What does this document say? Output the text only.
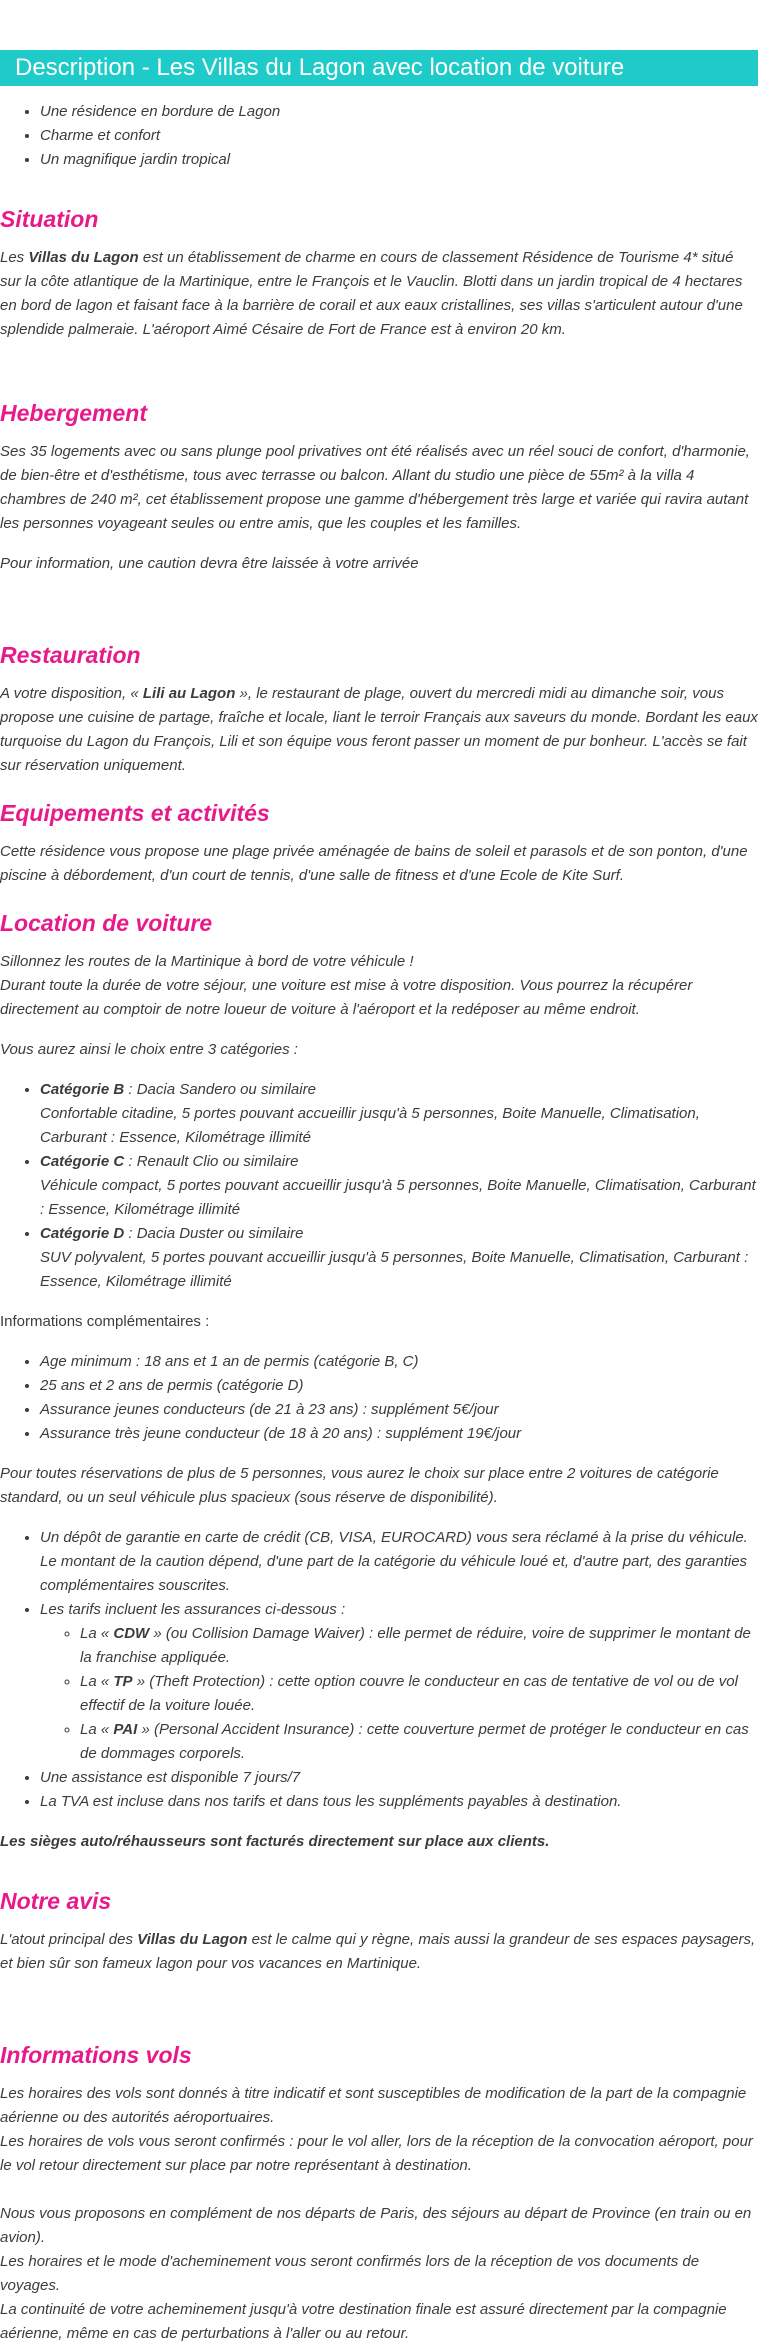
Description - Les Villas du Lagon avec location de voiture
• Une résidence en bordure de Lagon
• Charme et confort
• Un magnifique jardin tropical
Situation

Les Villas du Lagon est un établissement de charme en cours de classement Résidence de Tourisme 4* situé sur la côte atlantique de la Martinique, entre le François et le Vauclin. Blotti dans un jardin tropical de 4 hectares en bord de lagon et faisant face à la barrière de corail et aux eaux cristallines, ses villas s'articulent autour d'une splendide palmeraie. L'aéroport Aimé Césaire de Fort de France est à environ 20 km.

Hebergement

Ses 35 logements avec ou sans plunge pool privatives ont été réalisés avec un réel souci de confort, d'harmonie, de bien-être et d'esthétisme, tous avec terrasse ou balcon. Allant du studio une pièce de 55m² à la villa 4 chambres de 240 m², cet établissement propose une gamme d'hébergement très large et variée qui ravira autant les personnes voyageant seules ou entre amis, que les couples et les familles.

Pour information, une caution devra être laissée à votre arrivée

Restauration

A votre disposition, « Lili au Lagon », le restaurant de plage, ouvert du mercredi midi au dimanche soir, vous propose une cuisine de partage, fraîche et locale, liant le terroir Français aux saveurs du monde. Bordant les eaux turquoise du Lagon du François, Lili et son équipe vous feront passer un moment de pur bonheur. L'accès se fait sur réservation uniquement.

Equipements et activités

Cette résidence vous propose une plage privée aménagée de bains de soleil et parasols et de son ponton, d'une piscine à débordement, d'un court de tennis, d'une salle de fitness et d'une Ecole de Kite Surf.

Location de voiture

Sillonnez les routes de la Martinique à bord de votre véhicule !
Durant toute la durée de votre séjour, une voiture est mise à votre disposition. Vous pourrez la récupérer directement au comptoir de notre loueur de voiture à l'aéroport et la redéposer au même endroit.

Vous aurez ainsi le choix entre 3 catégories :

• Catégorie B : Dacia Sandero ou similaire
Confortable citadine, 5 portes pouvant accueillir jusqu'à 5 personnes, Boite Manuelle, Climatisation, Carburant : Essence, Kilométrage illimité
• Catégorie C : Renault Clio ou similaire
Véhicule compact, 5 portes pouvant accueillir jusqu'à 5 personnes, Boite Manuelle, Climatisation, Carburant : Essence, Kilométrage illimité
• Catégorie D : Dacia Duster ou similaire
SUV polyvalent, 5 portes pouvant accueillir jusqu'à 5 personnes, Boite Manuelle, Climatisation, Carburant : Essence, Kilométrage illimité

Informations complémentaires :

• Age minimum : 18 ans et 1 an de permis (catégorie B, C)
• 25 ans et 2 ans de permis (catégorie D)
• Assurance jeunes conducteurs (de 21 à 23 ans) : supplément 5€/jour
• Assurance très jeune conducteur (de 18 à 20 ans) : supplément 19€/jour

Pour toutes réservations de plus de 5 personnes, vous aurez le choix sur place entre 2 voitures de catégorie standard, ou un seul véhicule plus spacieux (sous réserve de disponibilité).

• Un dépôt de garantie en carte de crédit (CB, VISA, EUROCARD) vous sera réclamé à la prise du véhicule. Le montant de la caution dépend, d'une part de la catégorie du véhicule loué et, d'autre part, des garanties complémentaires souscrites.
• Les tarifs incluent les assurances ci-dessous :
◦ La « CDW » (ou Collision Damage Waiver) : elle permet de réduire, voire de supprimer le montant de la franchise appliquée.
◦ La « TP » (Theft Protection) : cette option couvre le conducteur en cas de tentative de vol ou de vol effectif de la voiture louée.
◦ La « PAI » (Personal Accident Insurance) : cette couverture permet de protéger le conducteur en cas de dommages corporels.
• Une assistance est disponible 7 jours/7
• La TVA est incluse dans nos tarifs et dans tous les suppléments payables à destination.

Les sièges auto/réhausseurs sont facturés directement sur place aux clients.

Notre avis

L'atout principal des Villas du Lagon est le calme qui y règne, mais aussi la grandeur de ses espaces paysagers, et bien sûr son fameux lagon pour vos vacances en Martinique.

Informations vols

Les horaires des vols sont donnés à titre indicatif et sont susceptibles de modification de la part de la compagnie aérienne ou des autorités aéroportuaires.
Les horaires de vols vous seront confirmés : pour le vol aller, lors de la réception de la convocation aéroport, pour le vol retour directement sur place par notre représentant à destination.

Nous vous proposons en complément de nos départs de Paris, des séjours au départ de Province (en train ou en avion).
Les horaires et le mode d'acheminement vous seront confirmés lors de la réception de vos documents de voyages.
La continuité de votre acheminement jusqu'à votre destination finale est assuré directement par la compagnie aérienne, même en cas de perturbations à l'aller ou au retour.
